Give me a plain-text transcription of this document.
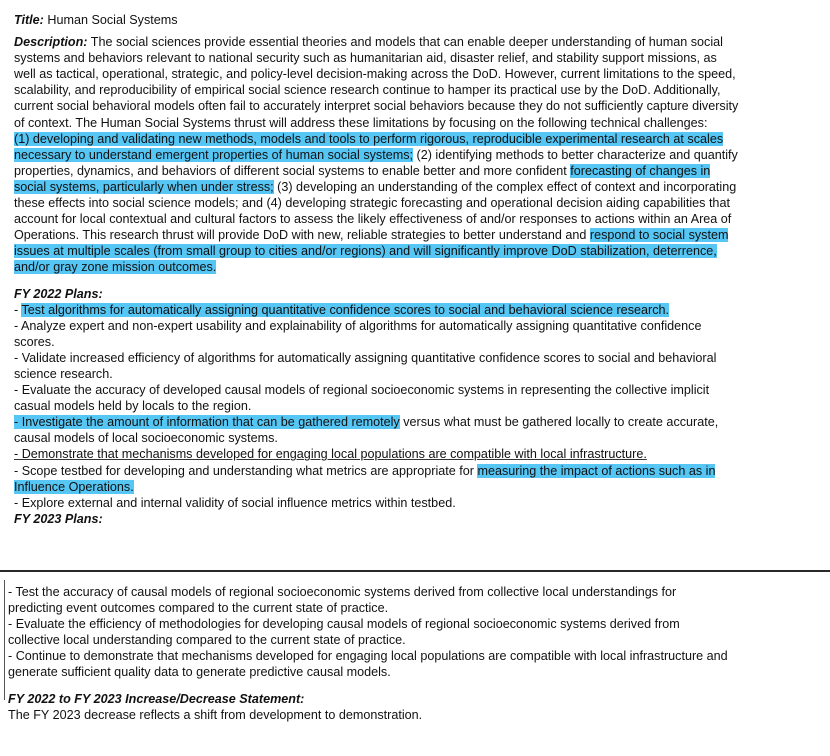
Title: Human Social Systems

Description: The social sciences provide essential theories and models that can enable deeper understanding of human social
systems and behaviors relevant to national security such as humanitarian aid, disaster relief, and stability support missions, as
well as tactical, operational, strategic, and policy-level decision-making across the DoD. However, current limitations to the speed,
scalability, and reproducibility of empirical social science research continue to hamper its practical use by the DoD. Additionally,
current social behavioral models often fail to accurately interpret social behaviors because they do not sufficiently capture diversity
of context. The Human Social Systems thrust will address these limitations by focusing on the following technical challenges:
(1) developing and validating new methods, models and tools to perform rigorous, reproducible experimental research at scales
necessary to understand emergent properties of human social systems; (2) identifying methods to better characterize and quantify
properties, dynamics, and behaviors of different social systems to enable better and more confident forecasting of changes in
social systems, particularly when under stress; (3) developing an understanding of the complex effect of context and incorporating
these effects into social science models; and (4) developing strategic forecasting and operational decision aiding capabilities that
account for local contextual and cultural factors to assess the likely effectiveness of and/or responses to actions within an Area of
Operations. This research thrust will provide DoD with new, reliable strategies to better understand and respond to social system
issues at multiple scales (from small group to cities and/or regions) and will significantly improve DoD stabilization, deterrence,
and/or gray zone mission outcomes.
FY 2022 Plans:
- Test algorithms for automatically assigning quantitative confidence scores to social and behavioral science research.
- Analyze expert and non-expert usability and explainability of algorithms for automatically assigning quantitative confidence
scores.
- Validate increased efficiency of algorithms for automatically assigning quantitative confidence scores to social and behavioral
science research.
- Evaluate the accuracy of developed causal models of regional socioeconomic systems in representing the collective implicit
casual models held by locals to the region.
- Investigate the amount of information that can be gathered remotely versus what must be gathered locally to create accurate,
causal models of local socioeconomic systems.
- Demonstrate that mechanisms developed for engaging local populations are compatible with local infrastructure.
- Scope testbed for developing and understanding what metrics are appropriate for measuring the impact of actions such as in
Influence Operations.
- Explore external and internal validity of social influence metrics within testbed.
FY 2023 Plans:
- Test the accuracy of causal models of regional socioeconomic systems derived from collective local understandings for
predicting event outcomes compared to the current state of practice.
- Evaluate the efficiency of methodologies for developing causal models of regional socioeconomic systems derived from
collective local understanding compared to the current state of practice.
- Continue to demonstrate that mechanisms developed for engaging local populations are compatible with local infrastructure and
generate sufficient quality data to generate predictive causal models.
FY 2022 to FY 2023 Increase/Decrease Statement:
The FY 2023 decrease reflects a shift from development to demonstration.
